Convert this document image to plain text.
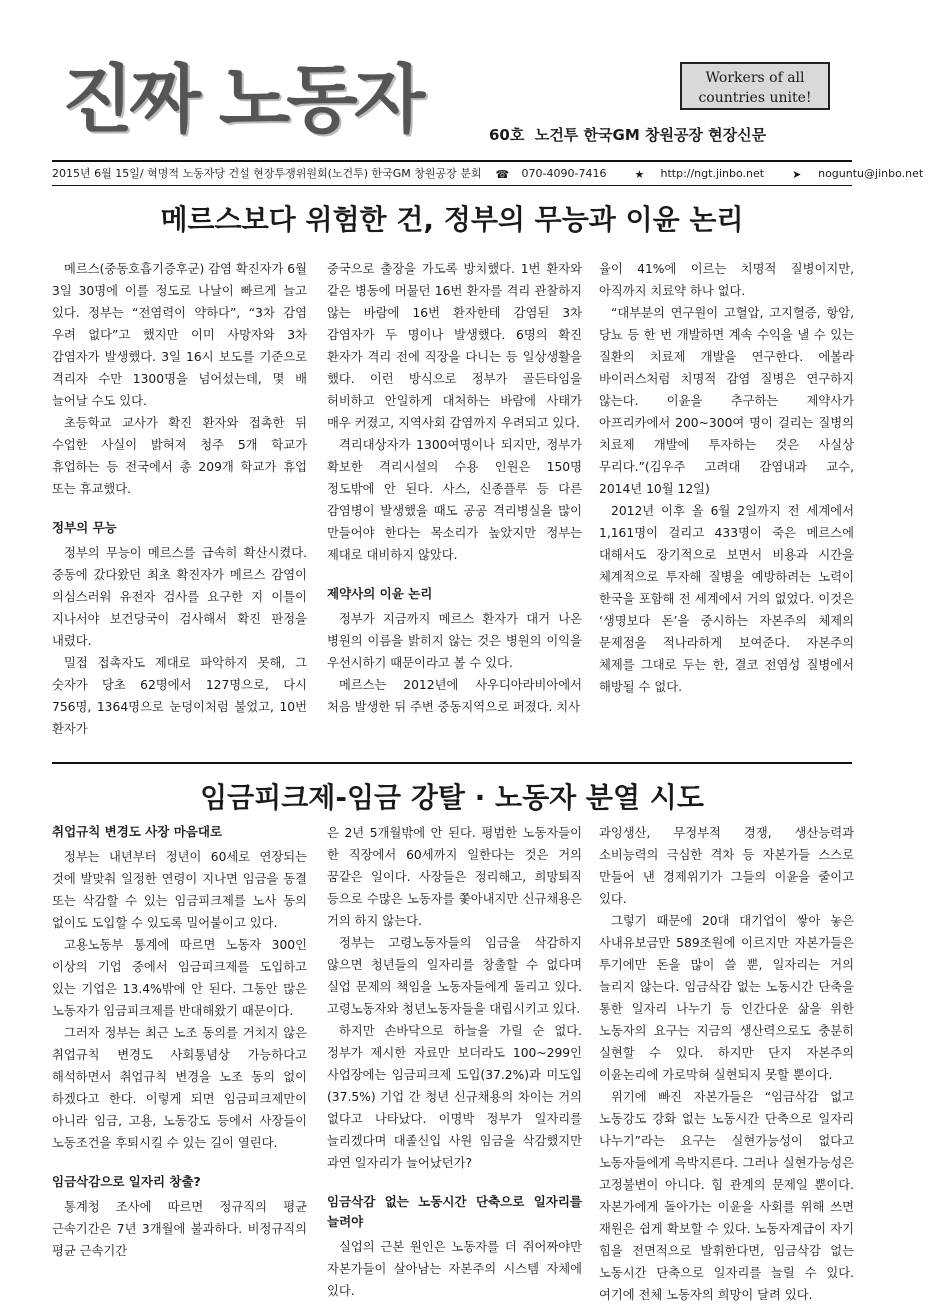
진짜 노동자	Workers of all
countries unite!
60호 노건투 한국GM 창원공장 현장신문
2015년 6월 15일/ 혁명적 노동자당 건설 현장투쟁위원회(노건투) 한국GM 창원공장 분회 ☎ 070-4090-7416	★ http://ngt.jinbo.net	➤ noguntu@jinbo.net
메르스보다 위험한 건, 정부의 무능과 이윤 논리

메르스(중동호흡기증후군) 감염 확진자가 6월 3일 30명에 이를 정도로 나날이 빠르게 늘고 있다. 정부는 “전염력이 약하다”, “3차 감염 우려 없다”고 했지만 이미 사망자와 3차 감염자가 발생했다. 3일 16시 보도를 기준으로 격리자 수만 1300명을 넘어섰는데, 몇 배 늘어날 수도 있다.

초등학교 교사가 확진 환자와 접촉한 뒤 수업한 사실이 밝혀져 청주 5개 학교가 휴업하는 등 전국에서 총 209개 학교가 휴업 또는 휴교했다.

정부의 무능

정부의 무능이 메르스를 급속히 확산시켰다. 중동에 갔다왔던 최초 확진자가 메르스 감염이 의심스러워 유전자 검사를 요구한 지 이틀이 지나서야 보건당국이 검사해서 확진 판정을 내렸다.

밀접 접촉자도 제대로 파악하지 못해, 그 숫자가 당초 62명에서 127명으로, 다시 756명, 1364명으로 눈덩이처럼 불었고, 10번 환자가

중국으로 출장을 가도록 방치했다. 1번 환자와 같은 병동에 머물던 16번 환자를 격리 관찰하지 않는 바람에 16번 환자한테 감염된 3차 감염자가 두 명이나 발생했다. 6명의 확진 환자가 격리 전에 직장을 다니는 등 일상생활을 했다. 이런 방식으로 정부가 골든타임을 허비하고 안일하게 대처하는 바람에 사태가 매우 커졌고, 지역사회 감염까지 우려되고 있다.

격리대상자가 1300여명이나 되지만, 정부가 확보한 격리시설의 수용 인원은 150명 정도밖에 안 된다. 사스, 신종플루 등 다른 감염병이 발생했을 때도 공공 격리병실을 많이 만들어야 한다는 목소리가 높았지만 정부는 제대로 대비하지 않았다.

제약사의 이윤 논리

정부가 지금까지 메르스 환자가 대거 나온 병원의 이름을 밝히지 않는 것은 병원의 이익을 우선시하기 때문이라고 볼 수 있다.

메르스는 2012년에 사우디아라비아에서 처음 발생한 뒤 주변 중동지역으로 퍼졌다. 치사

율이 41%에 이르는 치명적 질병이지만, 아직까지 치료약 하나 없다.

“대부분의 연구원이 고혈압, 고지혈증, 항암, 당뇨 등 한 번 개발하면 계속 수익을 낼 수 있는 질환의 치료제 개발을 연구한다. 에볼라 바이러스처럼 치명적 감염 질병은 연구하지 않는다. 이윤을 추구하는 제약사가 아프리카에서 200~300여 명이 걸리는 질병의 치료제 개발에 투자하는 것은 사실상 무리다.”(김우주 고려대 감염내과 교수, 2014년 10월 12일)

2012년 이후 올 6월 2일까지 전 세계에서 1,161명이 걸리고 433명이 죽은 메르스에 대해서도 장기적으로 보면서 비용과 시간을 체계적으로 투자해 질병을 예방하려는 노력이 한국을 포함해 전 세계에서 거의 없었다. 이것은 ‘생명보다 돈’을 중시하는 자본주의 체제의 문제점을 적나라하게 보여준다. 자본주의 체제를 그대로 두는 한, 결코 전염성 질병에서 해방될 수 없다.

임금피크제-임금 강탈 · 노동자 분열 시도
취업규칙 변경도 사장 마음대로

정부는 내년부터 정년이 60세로 연장되는 것에 발맞춰 일정한 연령이 지나면 임금을 동결 또는 삭감할 수 있는 임금피크제를 노사 동의 없이도 도입할 수 있도록 밀어붙이고 있다.

고용노동부 통계에 따르면 노동자 300인 이상의 기업 중에서 임금피크제를 도입하고 있는 기업은 13.4%밖에 안 된다. 그동안 많은 노동자가 임금피크제를 반대해왔기 때문이다.

그러자 정부는 최근 노조 동의를 거치지 않은 취업규칙 변경도 사회통념상 가능하다고 해석하면서 취업규칙 변경을 노조 동의 없이 하겠다고 한다. 이렇게 되면 임금피크제만이 아니라 임금, 고용, 노동강도 등에서 사장들이 노동조건을 후퇴시킬 수 있는 길이 열린다.

임금삭감으로 일자리 창출?

통계청 조사에 따르면 정규직의 평균 근속기간은 7년 3개월에 불과하다. 비정규직의 평균 근속기간

은 2년 5개월밖에 안 된다. 평범한 노동자들이 한 직장에서 60세까지 일한다는 것은 거의 꿈같은 일이다. 사장들은 정리해고, 희망퇴직 등으로 수많은 노동자를 쫓아내지만 신규채용은 거의 하지 않는다.

정부는 고령노동자들의 임금을 삭감하지 않으면 청년들의 일자리를 창출할 수 없다며 실업 문제의 책임을 노동자들에게 돌리고 있다. 고령노동자와 청년노동자들을 대립시키고 있다.

하지만 손바닥으로 하늘을 가릴 순 없다. 정부가 제시한 자료만 보더라도 100~299인 사업장에는 임금피크제 도입(37.2%)과 미도입(37.5%) 기업 간 청년 신규채용의 차이는 거의 없다고 나타났다. 이명박 정부가 일자리를 늘리겠다며 대졸신입 사원 임금을 삭감했지만 과연 일자리가 늘어났던가?

임금삭감 없는 노동시간 단축으로 일자리를 늘려야

실업의 근본 원인은 노동자를 더 쥐어짜야만 자본가들이 살아남는 자본주의 시스템 자체에 있다.

과잉생산, 무정부적 경쟁, 생산능력과 소비능력의 극심한 격차 등 자본가들 스스로 만들어 낸 경제위기가 그들의 이윤을 줄이고 있다.

그렇기 때문에 20대 대기업이 쌓아 놓은 사내유보금만 589조원에 이르지만 자본가들은 투기에만 돈을 많이 쓸 뿐, 일자리는 거의 늘리지 않는다. 임금삭감 없는 노동시간 단축을 통한 일자리 나누기 등 인간다운 삶을 위한 노동자의 요구는 지금의 생산력으로도 충분히 실현할 수 있다. 하지만 단지 자본주의 이윤논리에 가로막혀 실현되지 못할 뿐이다.

위기에 빠진 자본가들은 “임금삭감 없고 노동강도 강화 없는 노동시간 단축으로 일자리 나누기”라는 요구는 실현가능성이 없다고 노동자들에게 윽박지른다. 그러나 실현가능성은 고정불변이 아니다. 힘 관계의 문제일 뿐이다. 자본가에게 돌아가는 이윤을 사회를 위해 쓰면 재원은 쉽게 확보할 수 있다. 노동자계급이 자기 힘을 전면적으로 발휘한다면, 임금삭감 없는 노동시간 단축으로 일자리를 늘릴 수 있다. 여기에 전체 노동자의 희망이 달려 있다.
